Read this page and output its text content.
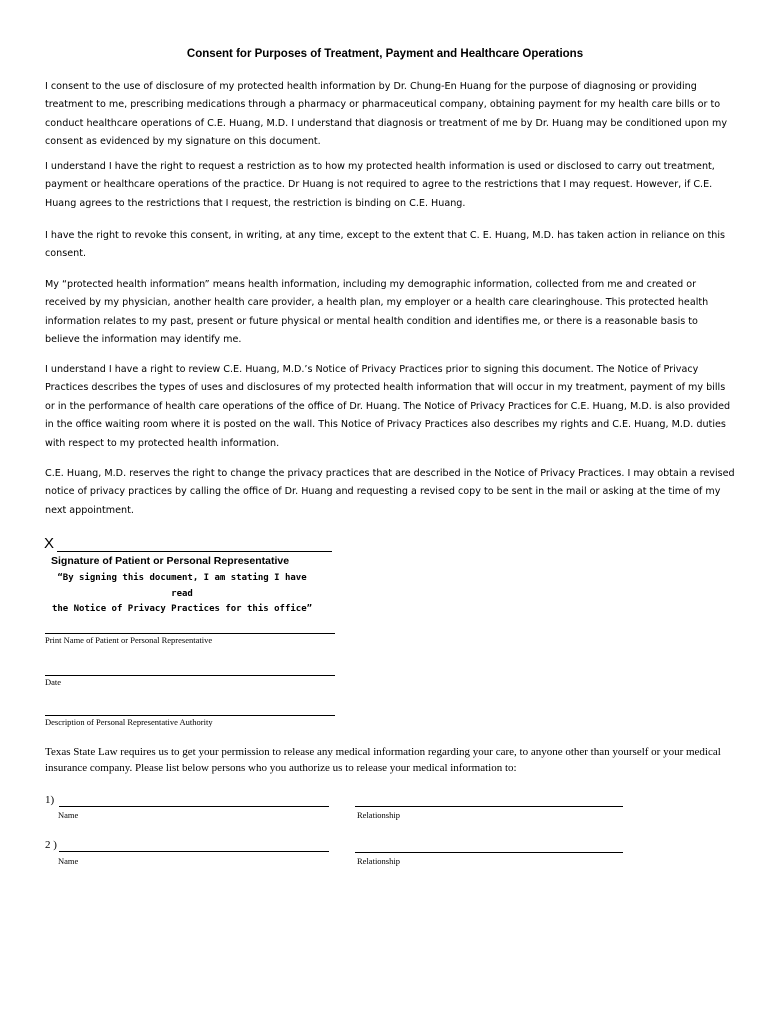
Consent for Purposes of Treatment, Payment and Healthcare Operations
I consent to the use of disclosure of my protected health information by Dr. Chung-En Huang for the purpose of diagnosing or providing treatment to me, prescribing medications through a pharmacy or pharmaceutical company, obtaining payment for my health care bills or to conduct healthcare operations of C.E. Huang, M.D. I understand that diagnosis or treatment of me by Dr. Huang may be conditioned upon my consent as evidenced by my signature on this document.
I understand I have the right to request a restriction as to how my protected health information is used or disclosed to carry out treatment, payment or healthcare operations of the practice. Dr Huang is not required to agree to the restrictions that I may request. However, if C.E. Huang agrees to the restrictions that I request, the restriction is binding on C.E. Huang.
I have the right to revoke this consent, in writing, at any time, except to the extent that C. E. Huang, M.D. has taken action in reliance on this consent.
My “protected health information” means health information, including my demographic information, collected from me and created or received by my physician, another health care provider, a health plan, my employer or a health care clearinghouse. This protected health information relates to my past, present or future physical or mental health condition and identifies me, or there is a reasonable basis to believe the information may identify me.
I understand I have a right to review C.E. Huang, M.D.’s Notice of Privacy Practices prior to signing this document. The Notice of Privacy Practices describes the types of uses and disclosures of my protected health information that will occur in my treatment, payment of my bills or in the performance of health care operations of the office of Dr. Huang. The Notice of Privacy Practices for C.E. Huang, M.D. is also provided in the office waiting room where it is posted on the wall. This Notice of Privacy Practices also describes my rights and C.E. Huang, M.D. duties with respect to my protected health information.
C.E. Huang, M.D. reserves the right to change the privacy practices that are described in the Notice of Privacy Practices. I may obtain a revised notice of privacy practices by calling the office of Dr. Huang and requesting a revised copy to be sent in the mail or asking at the time of my next appointment.
X
Signature of Patient or Personal Representative
“By signing this document, I am stating I have read
the Notice of Privacy Practices for this office”
Print Name of Patient or Personal Representative
Date
Description of Personal Representative Authority
Texas State Law requires us to get your permission to release any medical information regarding your care, to anyone other than yourself or your medical insurance company. Please list below persons who you authorize us to release your medical information to:
1)
Name	Relationship
2 )
Name	Relationship
